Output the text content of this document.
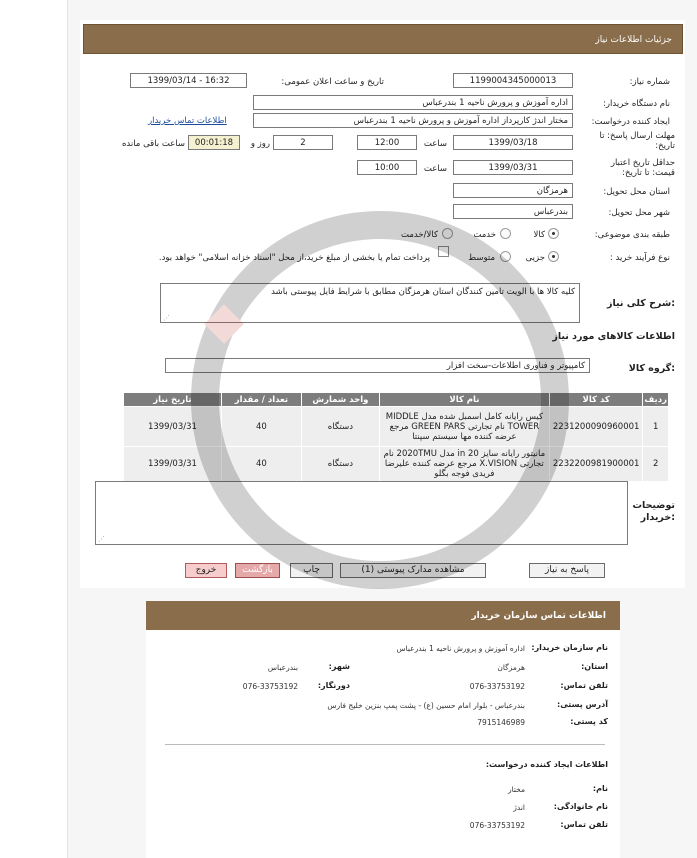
جزئیات اطلاعات نیاز
شماره نیاز:
1199004345000013
تاریخ و ساعت اعلان عمومی:
1399/03/14 - 16:32
نام دستگاه خریدار:
اداره آموزش و پرورش ناحیه 1 بندرعباس
ایجاد کننده درخواست:
مختار اندژ کارپرداز اداره آموزش و پرورش ناحیه 1 بندرعباس
اطلاعات تماس خریدار
مهلت ارسال پاسخ: تا تاریخ:
1399/03/18
ساعت
12:00
2
روز و
00:01:18
ساعت باقی مانده
حداقل تاریخ اعتبار قیمت: تا تاریخ:
1399/03/31
ساعت
10:00
استان محل تحویل:
هرمزگان
شهر محل تحویل:
بندرعباس
طبقه بندی موضوعی:
کالا
خدمت
کالا/خدمت
نوع فرآیند خرید :
جزیی
متوسط
پرداخت تمام یا بخشی از مبلغ خرید،از محل "اسناد خزانه اسلامی" خواهد بود.
شرح کلی نیاز:
کلیه کالا ها با الویت تامین کنندگان استان هرمزگان مطابق با شرایط فایل پیوستی باشد
⋰
اطلاعات کالاهای مورد نیاز
گروه کالا:
کامپیوتر و فناوری اطلاعات-سخت افزار
ردیف	کد کالا	نام کالا	واحد شمارش	تعداد / مقدار	تاریخ نیاز
1	2231200090960001	کیس رایانه کامل اسمبل شده مدل MIDDLE TOWER نام تجارتی GREEN PARS مرجع عرضه کننده مها سیستم سپنتا	دستگاه	40	1399/03/31
2	2232200981900001	مانیتور رایانه سایز 20 in مدل 2020TMU نام تجارتی X.VISION مرجع عرضه کننده علیرضا فریدی فوجه بگلو	دستگاه	40	1399/03/31
توضیحات خریدار:
⋰
پاسخ به نیاز
مشاهده مدارک پیوستی (1)
چاپ
بازگشت
خروج
اطلاعات تماس سازمان خریدار
نام سازمان خریدار:
اداره آموزش و پرورش ناحیه 1 بندرعباس
استان:
هرمزگان
شهر:
بندرعباس
تلفن تماس:
076-33753192
دورنگار:
076-33753192
آدرس پستی:
بندرعباس - بلوار امام حسین (ع) - پشت پمپ بنزین خلیج فارس
کد پستی:
7915146989
اطلاعات ایجاد کننده درخواست:
نام:
مختار
نام خانوادگی:
اندژ
تلفن تماس:
076-33753192
